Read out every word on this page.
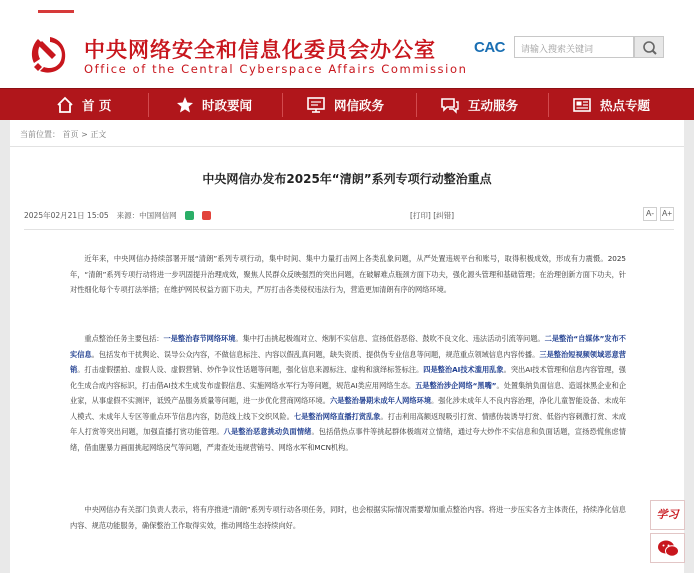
中央网络安全和信息化委员会办公室
Office of the Central Cyberspace Affairs Commission
CAC	请输入搜索关键词
首 页	时政要闻	网信政务	互动服务	热点专题
当前位置： 首页 > 正文
中央网信办发布2025年“清朗”系列专项行动整治重点
2025年02月21日 15:05 来源：中国网信网	[打印] [纠错]	A- A+
近年来，中央网信办持续部署开展“清朗”系列专项行动，集中时间、集中力量打击网上各类乱象问题，从严处置违规平台和账号，取得积极成效，形成有力震慑。2025年，“清朗”系列专项行动将进一步巩固提升治理成效，聚焦人民群众反映强烈的突出问题，在破解难点瓶颈方面下功夫，强化源头管理和基础管理；在治理创新方面下功夫，针对性细化每个专项打法举措；在维护网民权益方面下功夫，严厉打击各类侵权违法行为，营造更加清朗有序的网络环境。
重点整治任务主要包括：一是整治春节网络环境。集中打击挑起极端对立、炮制不实信息、宣扬低俗恶俗、鼓吹不良文化、违法活动引流等问题。二是整治“自媒体”发布不实信息。包括发布干扰舆论、误导公众内容，不做信息标注、内容以假乱真问题，缺失资质、提供伪专业信息等问题，规范重点领域信息内容传播。三是整治短视频领域恶意营销。打击虚假摆拍、虚假人设、虚假营销、炒作争议性话题等问题，强化信息来源标注、虚构和演绎标签标注。四是整治AI技术滥用乱象。突出AI技术管理和信息内容管理，强化生成合成内容标识，打击借AI技术生成发布虚假信息、实施网络水军行为等问题，规范AI类应用网络生态。五是整治涉企网络“黑嘴”。处置集纳负面信息、造谣抹黑企业和企业家，从事虚假不实测评，诋毁产品服务质量等问题，进一步优化营商网络环境。六是整治暑期未成年人网络环境。强化涉未成年人不良内容治理，净化儿童智能设备、未成年人模式、未成年人专区等重点环节信息内容，防范线上线下交织风险。七是整治网络直播打赏乱象。打击利用高额返现吸引打赏、情感伪装诱导打赏、低俗内容刺激打赏、未成年人打赏等突出问题，加强直播打赏功能管理。八是整治恶意挑动负面情绪。包括借热点事件等挑起群体极端对立情绪，通过夸大炒作不实信息和负面话题，宣扬恐慌焦虑情绪，借血腥暴力画面挑起网络戾气等问题，严肃查处违规营销号、网络水军和MCN机构。
中央网信办有关部门负责人表示，将有序推进“清朗”系列专项行动各项任务，同时，也会根据实际情况需要增加重点整治内容。将进一步压实各方主体责任，持续净化信息内容、规范功能服务，确保整治工作取得实效，推动网络生态持续向好。
学习
